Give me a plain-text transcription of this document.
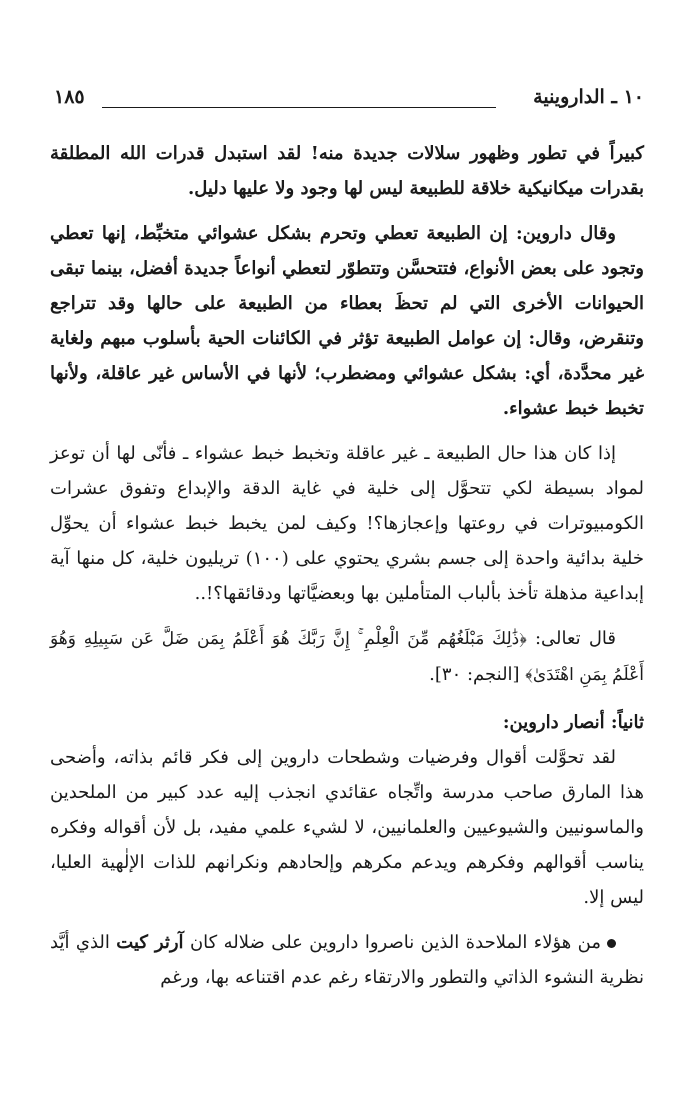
١٠ ـ الداروينية
١٨٥

كبيراً في تطور وظهور سلالات جديدة منه! لقد استبدل قدرات الله المطلقة بقدرات ميكانيكية خلاقة للطبيعة ليس لها وجود ولا عليها دليل.

وقال داروين: إن الطبيعة تعطي وتحرم بشكل عشوائي متخبِّط، إنها تعطي وتجود على بعض الأنواع، فتتحسَّن وتتطوّر لتعطي أنواعاً جديدة أفضل، بينما تبقى الحيوانات الأخرى التي لم تحظَ بعطاء من الطبيعة على حالها وقد تتراجع وتنقرض، وقال: إن عوامل الطبيعة تؤثر في الكائنات الحية بأسلوب مبهم ولغاية غير محدَّدة، أي: بشكل عشوائي ومضطرب؛ لأنها في الأساس غير عاقلة، ولأنها تخبط خبط عشواء.

إذا كان هذا حال الطبيعة ـ غير عاقلة وتخبط خبط عشواء ـ فأنّى لها أن توعز لمواد بسيطة لكي تتحوَّل إلى خلية في غاية الدقة والإبداع وتفوق عشرات الكومبيوترات في روعتها وإعجازها؟! وكيف لمن يخبط خبط عشواء أن يحوِّل خلية بدائية واحدة إلى جسم بشري يحتوي على (١٠٠) تريليون خلية، كل منها آية إبداعية مذهلة تأخذ بألباب المتأملين بها وبعضيَّاتها ودقائقها؟!..

قال تعالى: ﴿ذَٰلِكَ مَبْلَغُهُم مِّنَ الْعِلْمِ ۚ إِنَّ رَبَّكَ هُوَ أَعْلَمُ بِمَن ضَلَّ عَن سَبِيلِهِ وَهُوَ أَعْلَمُ بِمَنِ اهْتَدَىٰ﴾ [النجم: ٣٠].

ثانياً: أنصار داروين:

لقد تحوَّلت أقوال وفرضيات وشطحات داروين إلى فكر قائم بذاته، وأضحى هذا المارق صاحب مدرسة واتِّجاه عقائدي انجذب إليه عدد كبير من الملحدين والماسونيين والشيوعيين والعلمانيين، لا لشيء علمي مفيد، بل لأن أقواله وفكره يناسب أقوالهم وفكرهم ويدعم مكرهم وإلحادهم ونكرانهم للذات الإلٰهية العليا، ليس إلا.

من هؤلاء الملاحدة الذين ناصروا داروين على ضلاله كان آرثر كيت الذي أيَّد نظرية النشوء الذاتي والتطور والارتقاء رغم عدم اقتناعه بها، ورغم
